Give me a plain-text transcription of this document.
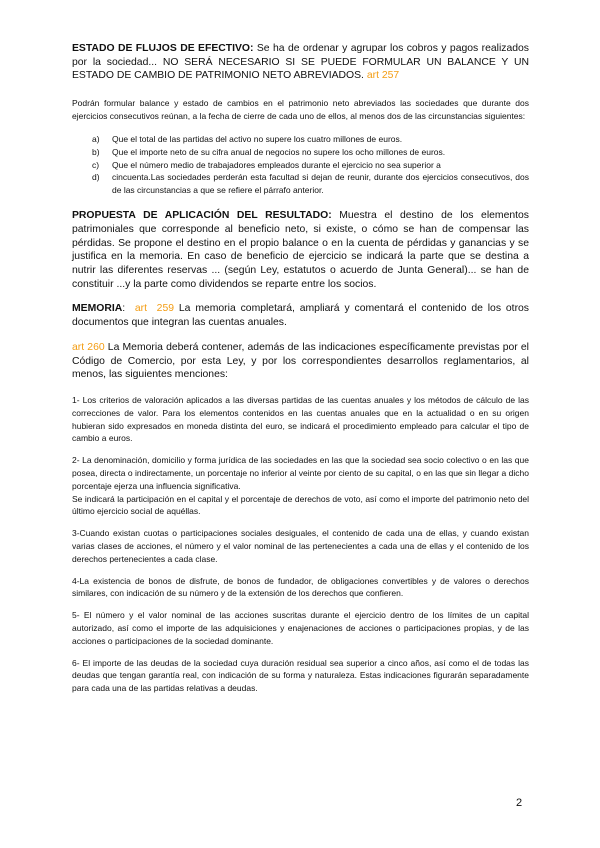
ESTADO DE FLUJOS DE EFECTIVO: Se ha de ordenar y agrupar los cobros y pagos realizados por la sociedad... NO SERÁ NECESARIO SI SE PUEDE FORMULAR UN BALANCE Y UN ESTADO DE CAMBIO DE PATRIMONIO NETO ABREVIADOS. art 257

Podrán formular balance y estado de cambios en el patrimonio neto abreviados las sociedades que durante dos ejercicios consecutivos reúnan, a la fecha de cierre de cada uno de ellos, al menos dos de las circunstancias siguientes:

a)	Que el total de las partidas del activo no supere los cuatro millones de euros.
b)	Que el importe neto de su cifra anual de negocios no supere los ocho millones de euros.
c)	Que el número medio de trabajadores empleados durante el ejercicio no sea superior a
d)	cincuenta.Las sociedades perderán esta facultad si dejan de reunir, durante dos ejercicios consecutivos, dos de las circunstancias a que se refiere el párrafo anterior.

PROPUESTA DE APLICACIÓN DEL RESULTADO: Muestra el destino de los elementos patrimoniales que corresponde al beneficio neto, si existe, o cómo se han de compensar las pérdidas. Se propone el destino en el propio balance o en la cuenta de pérdidas y ganancias y se justifica en la memoria. En caso de beneficio de ejercicio se indicará la parte que se destina a nutrir las diferentes reservas ... (según Ley, estatutos o acuerdo de Junta General)... se han de constituir ...y la parte como dividendos se reparte entre los socios.

MEMORIA:  art  259 La memoria completará, ampliará y comentará el contenido de los otros documentos que integran las cuentas anuales.

art 260 La Memoria deberá contener, además de las indicaciones específicamente previstas por el Código de Comercio, por esta Ley, y por los correspondientes desarrollos reglamentarios, al menos, las siguientes menciones:

1- Los criterios de valoración aplicados a las diversas partidas de las cuentas anuales y los métodos de cálculo de las correcciones de valor. Para los elementos contenidos en las cuentas anuales que en la actualidad o en su origen hubieran sido expresados en moneda distinta del euro, se indicará el procedimiento empleado para calcular el tipo de cambio a euros.

2- La denominación, domicilio y forma jurídica de las sociedades en las que la sociedad sea socio colectivo o en las que posea, directa o indirectamente, un porcentaje no inferior al veinte por ciento de su capital, o en las que sin llegar a dicho porcentaje ejerza una influencia significativa.

Se indicará la participación en el capital y el porcentaje de derechos de voto, así como el importe del patrimonio neto del último ejercicio social de aquéllas.

3-Cuando existan cuotas o participaciones sociales desiguales, el contenido de cada una de ellas, y cuando existan varias clases de acciones, el número y el valor nominal de las pertenecientes a cada una de ellas y el contenido de los derechos pertenecientes a cada clase.

4-La existencia de bonos de disfrute, de bonos de fundador, de obligaciones convertibles y de valores o derechos similares, con indicación de su número y de la extensión de los derechos que confieren.

5- El número y el valor nominal de las acciones suscritas durante el ejercicio dentro de los límites de un capital autorizado, así como el importe de las adquisiciones y enajenaciones de acciones o participaciones propias, y de las acciones o participaciones de la sociedad dominante.

6- El importe de las deudas de la sociedad cuya duración residual sea superior a cinco años, así como el de todas las deudas que tengan garantía real, con indicación de su forma y naturaleza. Estas indicaciones figurarán separadamente para cada una de las partidas relativas a deudas.

2
